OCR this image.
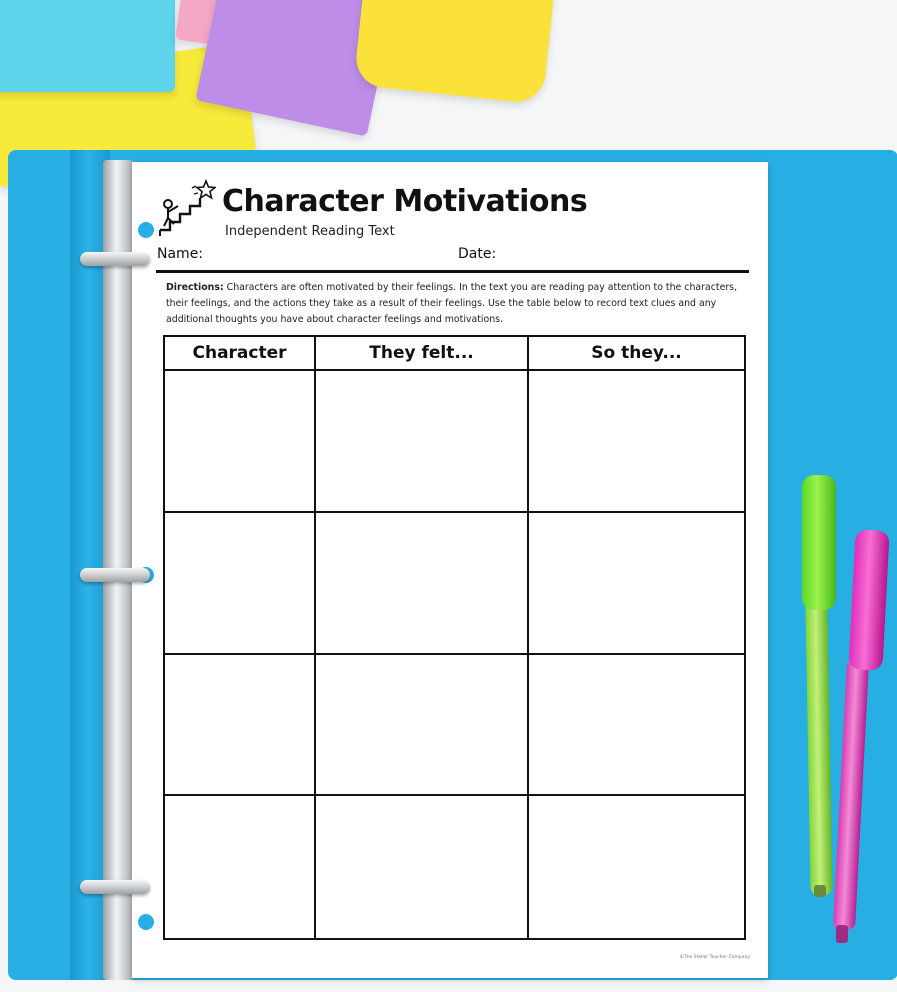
Character Motivations
Independent Reading Text
Name:	Date:
Directions: Characters are often motivated by their feelings. In the text you are reading pay attention to the characters, their feelings, and the actions they take as a result of their feelings. Use the table below to record text clues and any additional thoughts you have about character feelings and motivations.
Character	They felt...	So they...
©The Stellar Teacher Company
